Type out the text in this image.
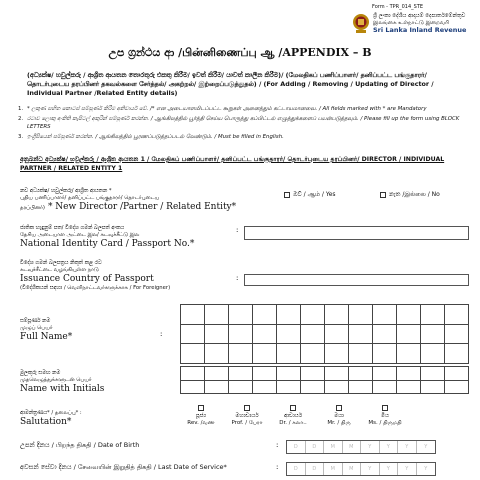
Form - TPR_014_STE
ශ්‍රී ලංකා දේශීය ආදායම් දෙපාර්තමේන්තුව
இலங்கை உள்நாட்டு இறைவரி
Sri Lanka Inland Revenue
උප ග්‍රන්ථය ආ /பின்னிணைப்பு ஆ /APPENDIX – B
(අධ්‍යක්ෂ/ හවුල්කරු / ආශ්‍රිත ආයතන තොරතුරු එකතු කිරීම/ ඉවත් කිරීම/ යාවත් කාලීන කිරීම)/ (மேலதிகப் பணிப்பாளர்/ தனிப்பட்ட பங்குதாரர்/ தொடர்புடைய தரப்பினர் தகவல்களை சேர்த்தல்/ அகற்றல்/ இற்றைப்படுத்துதல்) / (For Adding / Removing / Updating of Director / Individual Partner /Related Entity details)
1. * ලකුණ සහිත කොටස් සම්පූර්ණ කිරීම අනිවාර්ය වේ. /* என அடையாளமிடப்பட்ட கூறுகள் அனைத்தும் கட்டாயமானவை. / All fields marked with * are Mandatory
2. රටාව ලොකු අංකිති කැපිටල් අකුරින් සම්පූර්ණ කරන්න. / ஆங்கிலத்தில் பூர்த்தி செய்ய பொருத்து கப்பிட்டல் எழுத்துக்களைப் பயன்படுத்தவும். / Please fill up the form using BLOCK LETTERS
3. ඉංග්‍රීසියෙන් සම්පූර්ණ කරන්න. / ஆங்கிலத்தில் பூரணப்படுத்தப்படல் வேண்டும். / Must be filled in English.
අනුබන්ධ අධ්‍යක්ෂ/ හවුල්කරු / ආශ්‍රිත ආයතන 1 / மேலதிகப் பணிப்பாளர்/ தனிப்பட்ட பங்குதாரர்/ தொடர்புடைய தரப்பினர்/ DIRECTOR / INDIVIDUAL PARTNER / RELATED ENTITY 1
නව අධ්‍යක්ෂ/ හවුල්කරු/ ආශ්‍රිත ආයතන *
புதிய பணிப்பாளர்/ தனிப்பட்ட பங்குதாரர்/ தொடர்புடைய
தரப்பினர்) * New Director /Partner / Related Entity*
ඔව් / ஆம் / Yes	නැත /இல்லை / No
ජාතික හැඳුනුම් පත/ විදේශ ගමන් බලපත් අංකය
தேசிய அடையாள அட்டை இல/ கடவுச்சீட்டு இல
National Identity Card / Passport No.*
:
විදේශ ගමන් බලපත්‍රය නිකුත් කළ රට
கடவுச்சீட்டை வழங்கியுள்ள நாடு
Issuance Country of Passport
(විදේශිකයන් සඳහා / வெளிநாட்டவர்களுக்காக / For Foreigner)
:
සම්පූර්ණ නම
முழுப் பெயர்
Full Name*	:
මුලකුරු සමඟ නම
முதலெழுத்துக்களுடன் பெயர்
Name with Initials
ආමන්ත්‍රණය* / தலைப்பு* :
Salutation*
පූජ්‍ය
Rev. /வண
මහාචාර්ය
Prof. / பேரா
ආචාර්ය
Dr. / கலா..
මයා
Mr. / திரு
මිය
Ms. / திருமதி
උපන් දිනය / பிறந்த திகதி / Date of Birth	:	D	D	M	M	Y	Y	Y	Y
අවසන් සේවා දිනය / சேவையின் இறுதித் திகதி / Last Date of Service*	:	D	D	M	M	Y	Y	Y	Y
